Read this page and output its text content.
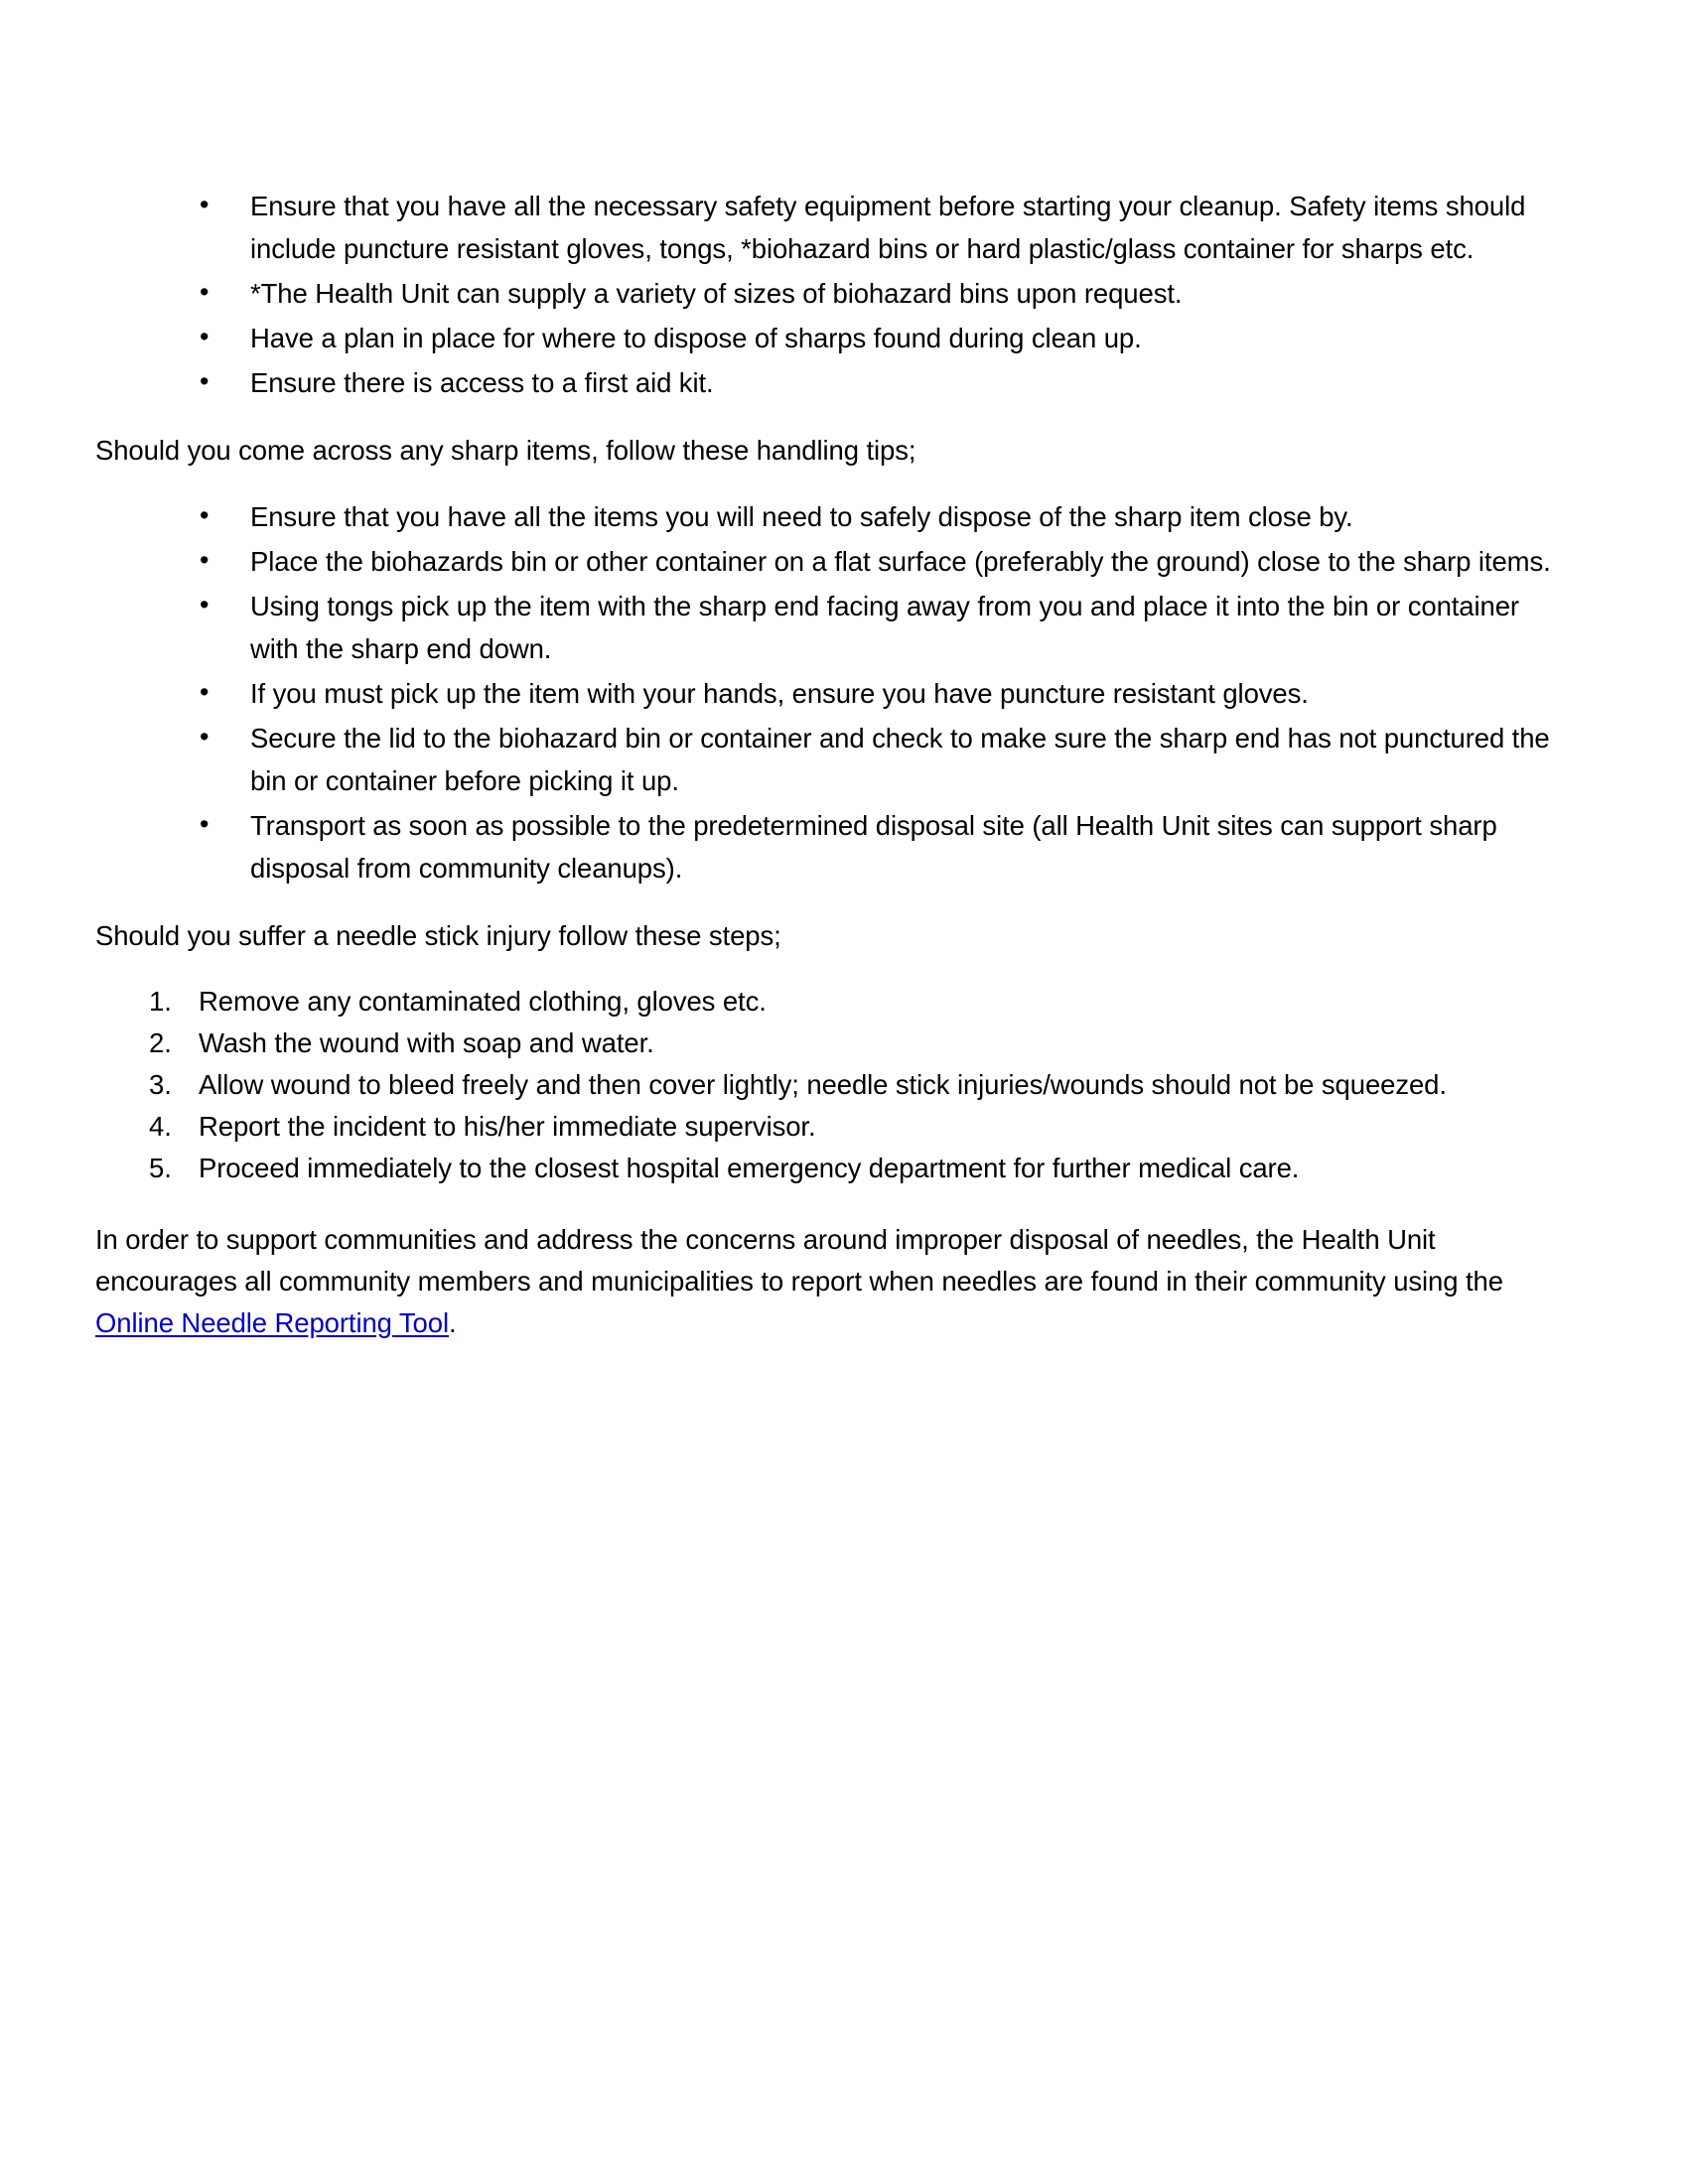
• Ensure that you have all the necessary safety equipment before starting your cleanup. Safety items should include puncture resistant gloves, tongs, *biohazard bins or hard plastic/glass container for sharps etc.
• *The Health Unit can supply a variety of sizes of biohazard bins upon request.
• Have a plan in place for where to dispose of sharps found during clean up.
• Ensure there is access to a first aid kit.

Should you come across any sharp items, follow these handling tips;

• Ensure that you have all the items you will need to safely dispose of the sharp item close by.
• Place the biohazards bin or other container on a flat surface (preferably the ground) close to the sharp items.
• Using tongs pick up the item with the sharp end facing away from you and place it into the bin or container with the sharp end down.
• If you must pick up the item with your hands, ensure you have puncture resistant gloves.
• Secure the lid to the biohazard bin or container and check to make sure the sharp end has not punctured the bin or container before picking it up.
• Transport as soon as possible to the predetermined disposal site (all Health Unit sites can support sharp disposal from community cleanups).

Should you suffer a needle stick injury follow these steps;

Remove any contaminated clothing, gloves etc.
Wash the wound with soap and water.
Allow wound to bleed freely and then cover lightly; needle stick injuries/wounds should not be squeezed.
Report the incident to his/her immediate supervisor.
Proceed immediately to the closest hospital emergency department for further medical care.

In order to support communities and address the concerns around improper disposal of needles, the Health Unit encourages all community members and municipalities to report when needles are found in their community using the Online Needle Reporting Tool.
